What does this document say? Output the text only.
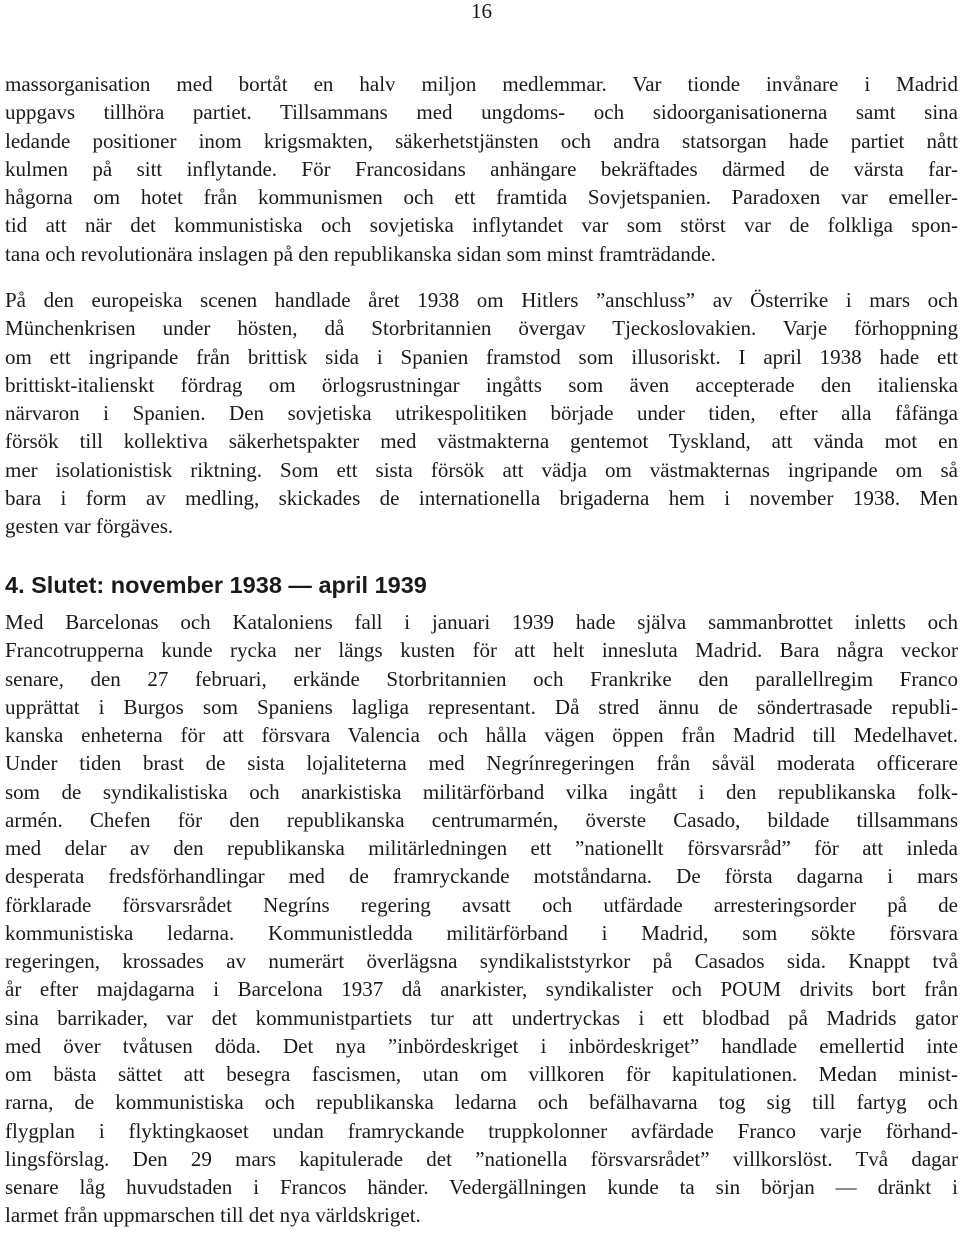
16

massorganisation med bortåt en halv miljon medlemmar. Var tionde invånare i Madrid

uppgavs tillhöra partiet. Tillsammans med ungdoms- och sidoorganisationerna samt sina

ledande positioner inom krigsmakten, säkerhetstjänsten och andra statsorgan hade partiet nått

kulmen på sitt inflytande. För Francosidans anhängare bekräftades därmed de värsta far-

hågorna om hotet från kommunismen och ett framtida Sovjetspanien. Paradoxen var emeller-

tid att när det kommunistiska och sovjetiska inflytandet var som störst var de folkliga spon-

tana och revolutionära inslagen på den republikanska sidan som minst framträdande.

På den europeiska scenen handlade året 1938 om Hitlers ”anschluss” av Österrike i mars och

Münchenkrisen under hösten, då Storbritannien övergav Tjeckoslovakien. Varje förhoppning

om ett ingripande från brittisk sida i Spanien framstod som illusoriskt. I april 1938 hade ett

brittiskt-italienskt fördrag om örlogsrustningar ingåtts som även accepterade den italienska

närvaron i Spanien. Den sovjetiska utrikespolitiken började under tiden, efter alla fåfänga

försök till kollektiva säkerhetspakter med västmakterna gentemot Tyskland, att vända mot en

mer isolationistisk riktning. Som ett sista försök att vädja om västmakternas ingripande om så

bara i form av medling, skickades de internationella brigaderna hem i november 1938. Men

gesten var förgäves.

4. Slutet: november 1938 — april 1939

Med Barcelonas och Kataloniens fall i januari 1939 hade själva sammanbrottet inletts och

Francotrupperna kunde rycka ner längs kusten för att helt innesluta Madrid. Bara några veckor

senare, den 27 februari, erkände Storbritannien och Frankrike den parallellregim Franco

upprättat i Burgos som Spaniens lagliga representant. Då stred ännu de söndertrasade republi-

kanska enheterna för att försvara Valencia och hålla vägen öppen från Madrid till Medelhavet.

Under tiden brast de sista lojaliteterna med Negrínregeringen från såväl moderata officerare

som de syndikalistiska och anarkistiska militärförband vilka ingått i den republikanska folk-

armén. Chefen för den republikanska centrumarmén, överste Casado, bildade tillsammans

med delar av den republikanska militärledningen ett ”nationellt försvarsråd” för att inleda

desperata fredsförhandlingar med de framryckande motståndarna. De första dagarna i mars

förklarade försvarsrådet Negríns regering avsatt och utfärdade arresteringsorder på de

kommunistiska ledarna. Kommunistledda militärförband i Madrid, som sökte försvara

regeringen, krossades av numerärt överlägsna syndikaliststyrkor på Casados sida. Knappt två

år efter majdagarna i Barcelona 1937 då anarkister, syndikalister och POUM drivits bort från

sina barrikader, var det kommunistpartiets tur att undertryckas i ett blodbad på Madrids gator

med över tvåtusen döda. Det nya ”inbördeskriget i inbördeskriget” handlade emellertid inte

om bästa sättet att besegra fascismen, utan om villkoren för kapitulationen. Medan minist-

rarna, de kommunistiska och republikanska ledarna och befälhavarna tog sig till fartyg och

flygplan i flyktingkaoset undan framryckande truppkolonner avfärdade Franco varje förhand-

lingsförslag. Den 29 mars kapitulerade det ”nationella försvarsrådet” villkorslöst. Två dagar

senare låg huvudstaden i Francos händer. Vedergällningen kunde ta sin början — dränkt i

larmet från uppmarschen till det nya världskriget.
